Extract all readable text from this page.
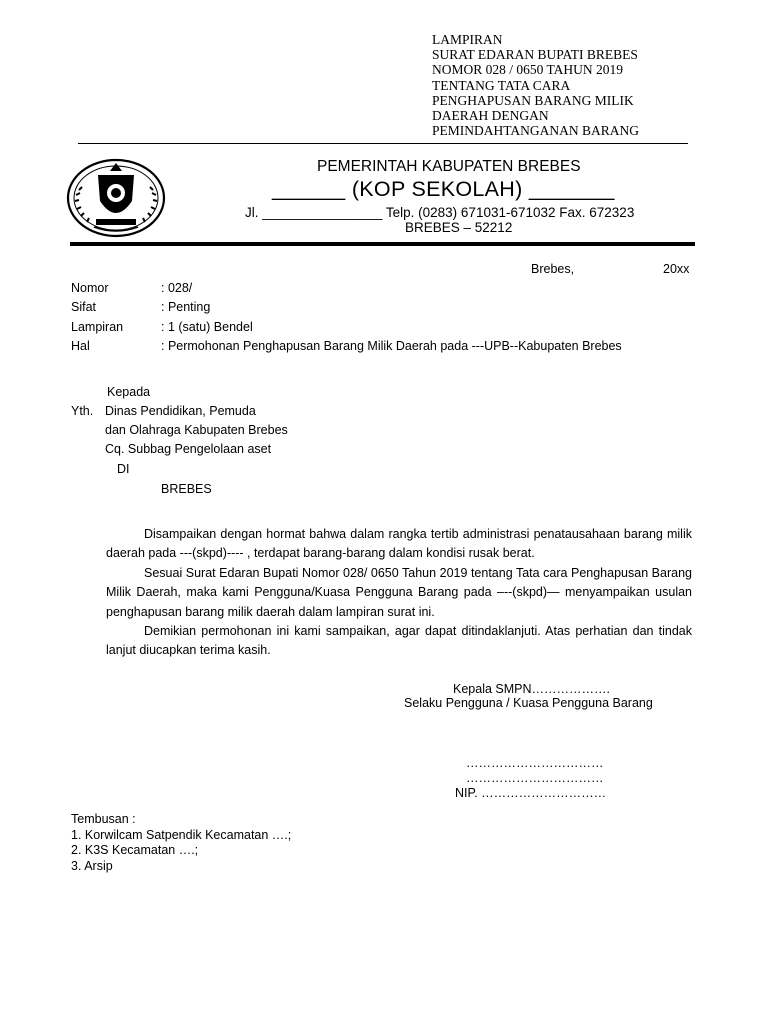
LAMPIRAN
SURAT EDARAN BUPATI BREBES
NOMOR 028 / 0650 TAHUN 2019
TENTANG TATA CARA
PENGHAPUSAN BARANG MILIK
DAERAH DENGAN
PEMINDAHTANGANAN BARANG
PEMERINTAH KABUPATEN BREBES
______ (KOP SEKOLAH) _______
Jl. ________________ Telp. (0283) 671031-671032 Fax. 672323
BREBES – 52212
Brebes,	20xx
Nomor	: 028/
Sifat	: Penting
Lampiran	: 1 (satu) Bendel
Hal	: Permohonan Penghapusan Barang Milik Daerah pada ---UPB--Kabupaten Brebes
Kepada
Yth. Dinas Pendidikan, Pemuda
dan Olahraga Kabupaten Brebes
Cq. Subbag Pengelolaan aset
DI
BREBES

Disampaikan dengan hormat bahwa dalam rangka tertib administrasi penatausahaan barang milik daerah pada ---(skpd)---- , terdapat barang-barang dalam kondisi rusak berat.

Sesuai Surat Edaran Bupati Nomor 028/ 0650 Tahun 2019 tentang Tata cara Penghapusan Barang Milik Daerah, maka kami Pengguna/Kuasa Pengguna Barang pada –--(skpd)— menyampaikan usulan penghapusan barang milik daerah dalam lampiran surat ini.

Demikian permohonan ini kami sampaikan, agar dapat ditindaklanjuti. Atas perhatian dan tindak lanjut diucapkan terima kasih.

Kepala SMPN……………….
Selaku Pengguna / Kuasa Pengguna Barang
……………………………
……………………………
NIP. …………………………
Tembusan :
1. Korwilcam Satpendik Kecamatan ….;
2. K3S Kecamatan ….;
3. Arsip
